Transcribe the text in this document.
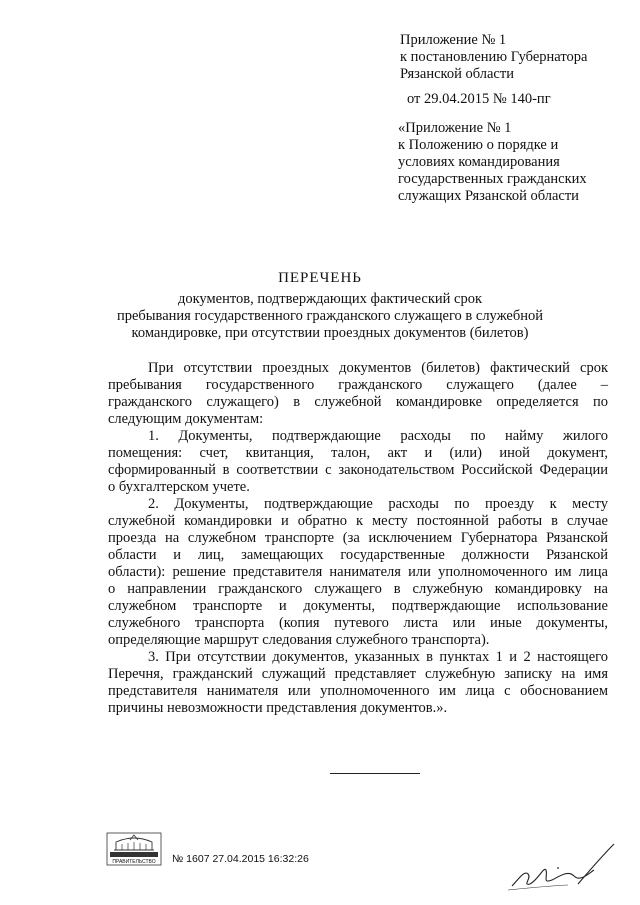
Приложение № 1
к постановлению Губернатора
Рязанской области
от 29.04.2015 № 140-пг
«Приложение № 1
к Положению о порядке и
условиях командирования
государственных гражданских
служащих Рязанской области
ПЕРЕЧЕНЬ
документов, подтверждающих фактический срок
пребывания государственного гражданского служащего в служебной
командировке, при отсутствии проездных документов (билетов)
При отсутствии проездных документов (билетов) фактический срок
пребывания государственного гражданского служащего (далее –
гражданского служащего) в служебной командировке определяется по
следующим документам:
1. Документы, подтверждающие расходы по найму жилого
помещения: счет, квитанция, талон, акт и (или) иной документ,
сформированный в соответствии с законодательством Российской Федерации
о бухгалтерском учете.
2. Документы, подтверждающие расходы по проезду к месту
служебной командировки и обратно к месту постоянной работы в случае
проезда на служебном транспорте (за исключением Губернатора Рязанской
области и лиц, замещающих государственные должности Рязанской
области): решение представителя нанимателя или уполномоченного им лица
о направлении гражданского служащего в служебную командировку на
служебном транспорте и документы, подтверждающие использование
служебного транспорта (копия путевого листа или иные документы,
определяющие маршрут следования служебного транспорта).
3. При отсутствии документов, указанных в пунктах 1 и 2 настоящего
Перечня, гражданский служащий представляет служебную записку на имя
представителя нанимателя или уполномоченного им лица с обоснованием
причины невозможности представления документов.».
ПРАВИТЕЛЬСТВО № 1607 27.04.2015 16:32:26
